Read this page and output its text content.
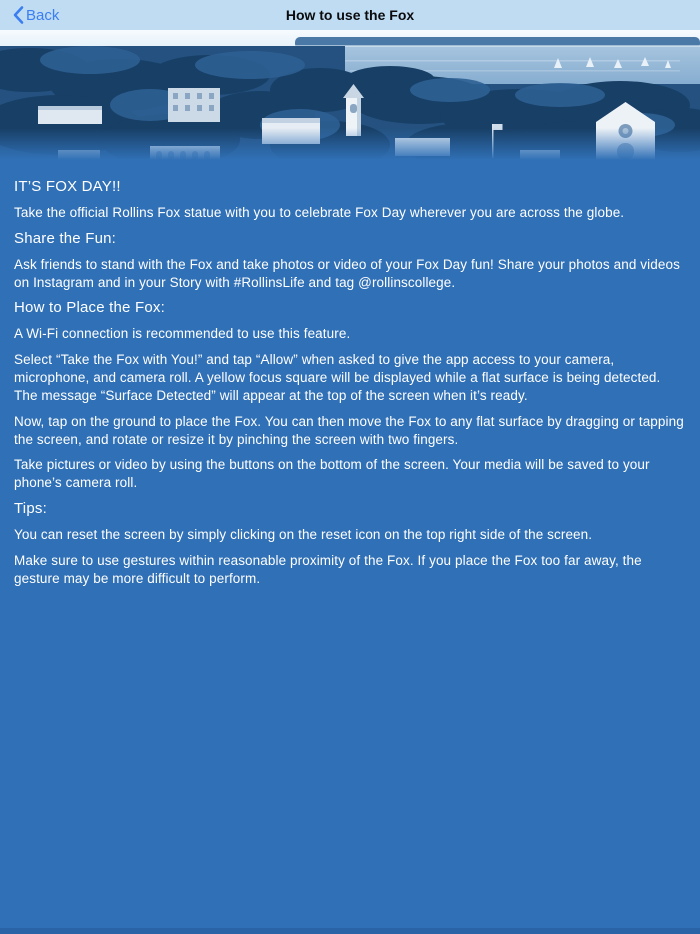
Back	How to use the Fox
IT’S FOX DAY!!

Take the official Rollins Fox statue with you to celebrate Fox Day wherever you are across the globe.

Share the Fun:

Ask friends to stand with the Fox and take photos or video of your Fox Day fun! Share your photos and videos on Instagram and in your Story with #RollinsLife and tag @rollinscollege.

How to Place the Fox:

A Wi-Fi connection is recommended to use this feature.

Select “Take the Fox with You!” and tap “Allow” when asked to give the app access to your camera, microphone, and camera roll. A yellow focus square will be displayed while a flat surface is being detected. The message “Surface Detected” will appear at the top of the screen when it’s ready.

Now, tap on the ground to place the Fox. You can then move the Fox to any flat surface by dragging or tapping the screen, and rotate or resize it by pinching the screen with two fingers.

Take pictures or video by using the buttons on the bottom of the screen. Your media will be saved to your phone’s camera roll.

Tips:

You can reset the screen by simply clicking on the reset icon on the top right side of the screen.

Make sure to use gestures within reasonable proximity of the Fox. If you place the Fox too far away, the gesture may be more difficult to perform.
